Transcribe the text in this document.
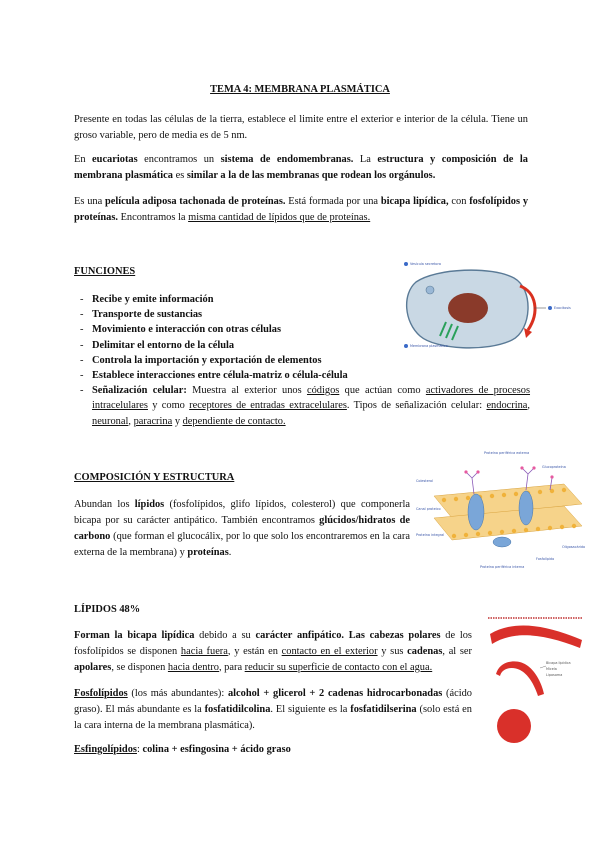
TEMA 4: MEMBRANA PLASMÁTICA

Presente en todas las células de la tierra, establece el limite entre el exterior e interior de la célula. Tiene un groso variable, pero de media es de 5 nm.

En eucariotas encontramos un sistema de endomembranas. La estructura y composición de la membrana plasmática es similar a la de las membranas que rodean los orgánulos.

Es una película adiposa tachonada de proteínas. Está formada por una bicapa lipídica, con fosfolípidos y proteínas. Encontramos la misma cantidad de lípidos que de proteínas.

FUNCIONES
- Recibe y emite información
- Transporte de sustancias
- Movimiento e interacción con otras células
- Delimitar el entorno de la célula
- Controla la importación y exportación de elementos
- Establece interacciones entre célula-matriz o célula-célula
- Señalización celular: Muestra al exterior unos códigos que actúan como activadores de procesos intracelulares y como receptores de entradas extracelulares. Tipos de señalización celular: endocrina, neuronal, paracrina y dependiente de contacto.
Vesícula secretora
Membrana plasmática
Exocitosis
COMPOSICIÓN Y ESTRUCTURA

Abundan los lípidos (fosfolípidos, glifo lípidos, colesterol) que componerla bicapa por su carácter antipático. También encontramos glúcidos/hidratos de carbono (que forman el glucocálix, por lo que solo los encontraremos en la cara externa de la membrana) y proteínas.

Proteína periférica externa
Glucoproteína
Colesterol
Canal proteico
Oligosacárido
Proteína integral
Fosfolípido
Proteína periférica interna
LÍPIDOS 48%

Forman la bicapa lipídica debido a su carácter anfipático. Las cabezas polares de los fosfolípidos se disponen hacia fuera, y están en contacto en el exterior y sus cadenas, al ser apolares, se disponen hacia dentro, para reducir su superficie de contacto con el agua.

Fosfolípidos (los más abundantes): alcohol + glicerol + 2 cadenas hidrocarbonadas (ácido graso). El más abundante es la fosfatidilcolina. El siguiente es la fosfatidilserina (solo está en la cara interna de la membrana plasmática).

Esfingolípidos: colina + esfingosina + ácido graso

Bicapa lipídica
Micela
Liposoma
